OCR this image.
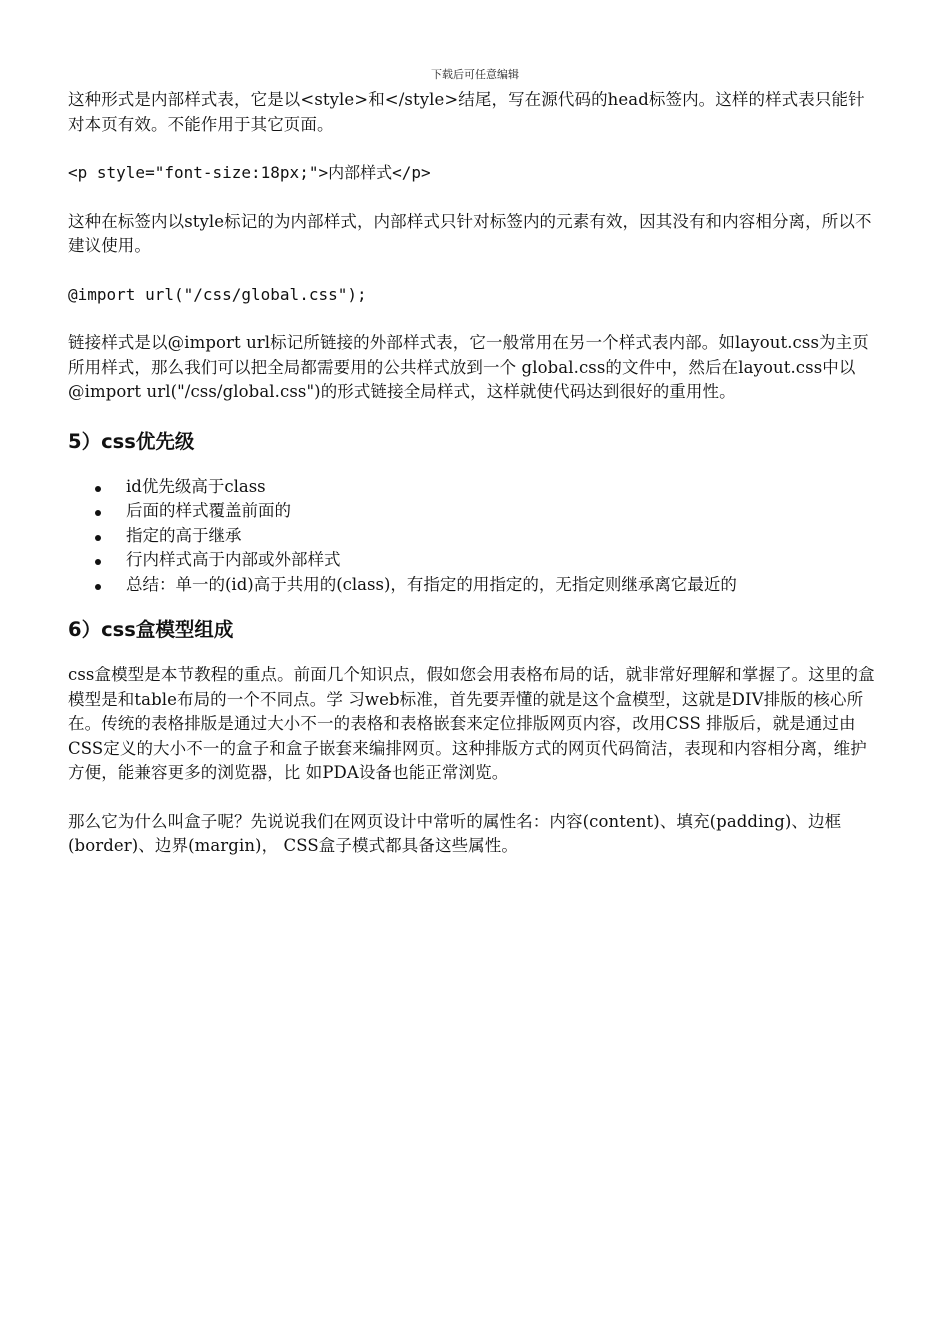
下载后可任意编辑

这种形式是内部样式表，它是以<style>和</style>结尾，写在源代码的head标签内。这样的样式表只能针对本页有效。不能作用于其它页面。

<p style="font-size:18px;">内部样式</p>

这种在标签内以style标记的为内部样式，内部样式只针对标签内的元素有效，因其没有和内容相分离，所以不建议使用。

@import url("/css/global.css");

链接样式是以@import url标记所链接的外部样式表，它一般常用在另一个样式表内部。如layout.css为主页所用样式，那么我们可以把全局都需要用的公共样式放到一个 global.css的文件中，然后在layout.css中以@import url("/css/global.css")的形式链接全局样式，这样就使代码达到很好的重用性。

5）css优先级
id优先级高于class
后面的样式覆盖前面的
指定的高于继承
行内样式高于内部或外部样式
总结：单一的(id)高于共用的(class)，有指定的用指定的，无指定则继承离它最近的
6）css盒模型组成

css盒模型是本节教程的重点。前面几个知识点，假如您会用表格布局的话，就非常好理解和掌握了。这里的盒模型是和table布局的一个不同点。学 习web标准，首先要弄懂的就是这个盒模型，这就是DIV排版的核心所在。传统的表格排版是通过大小不一的表格和表格嵌套来定位排版网页内容，改用CSS 排版后，就是通过由CSS定义的大小不一的盒子和盒子嵌套来编排网页。这种排版方式的网页代码简洁，表现和内容相分离，维护方便，能兼容更多的浏览器，比 如PDA设备也能正常浏览。

那么它为什么叫盒子呢？先说说我们在网页设计中常听的属性名：内容(content)、填充(padding)、边框(border)、边界(margin)， CSS盒子模式都具备这些属性。
